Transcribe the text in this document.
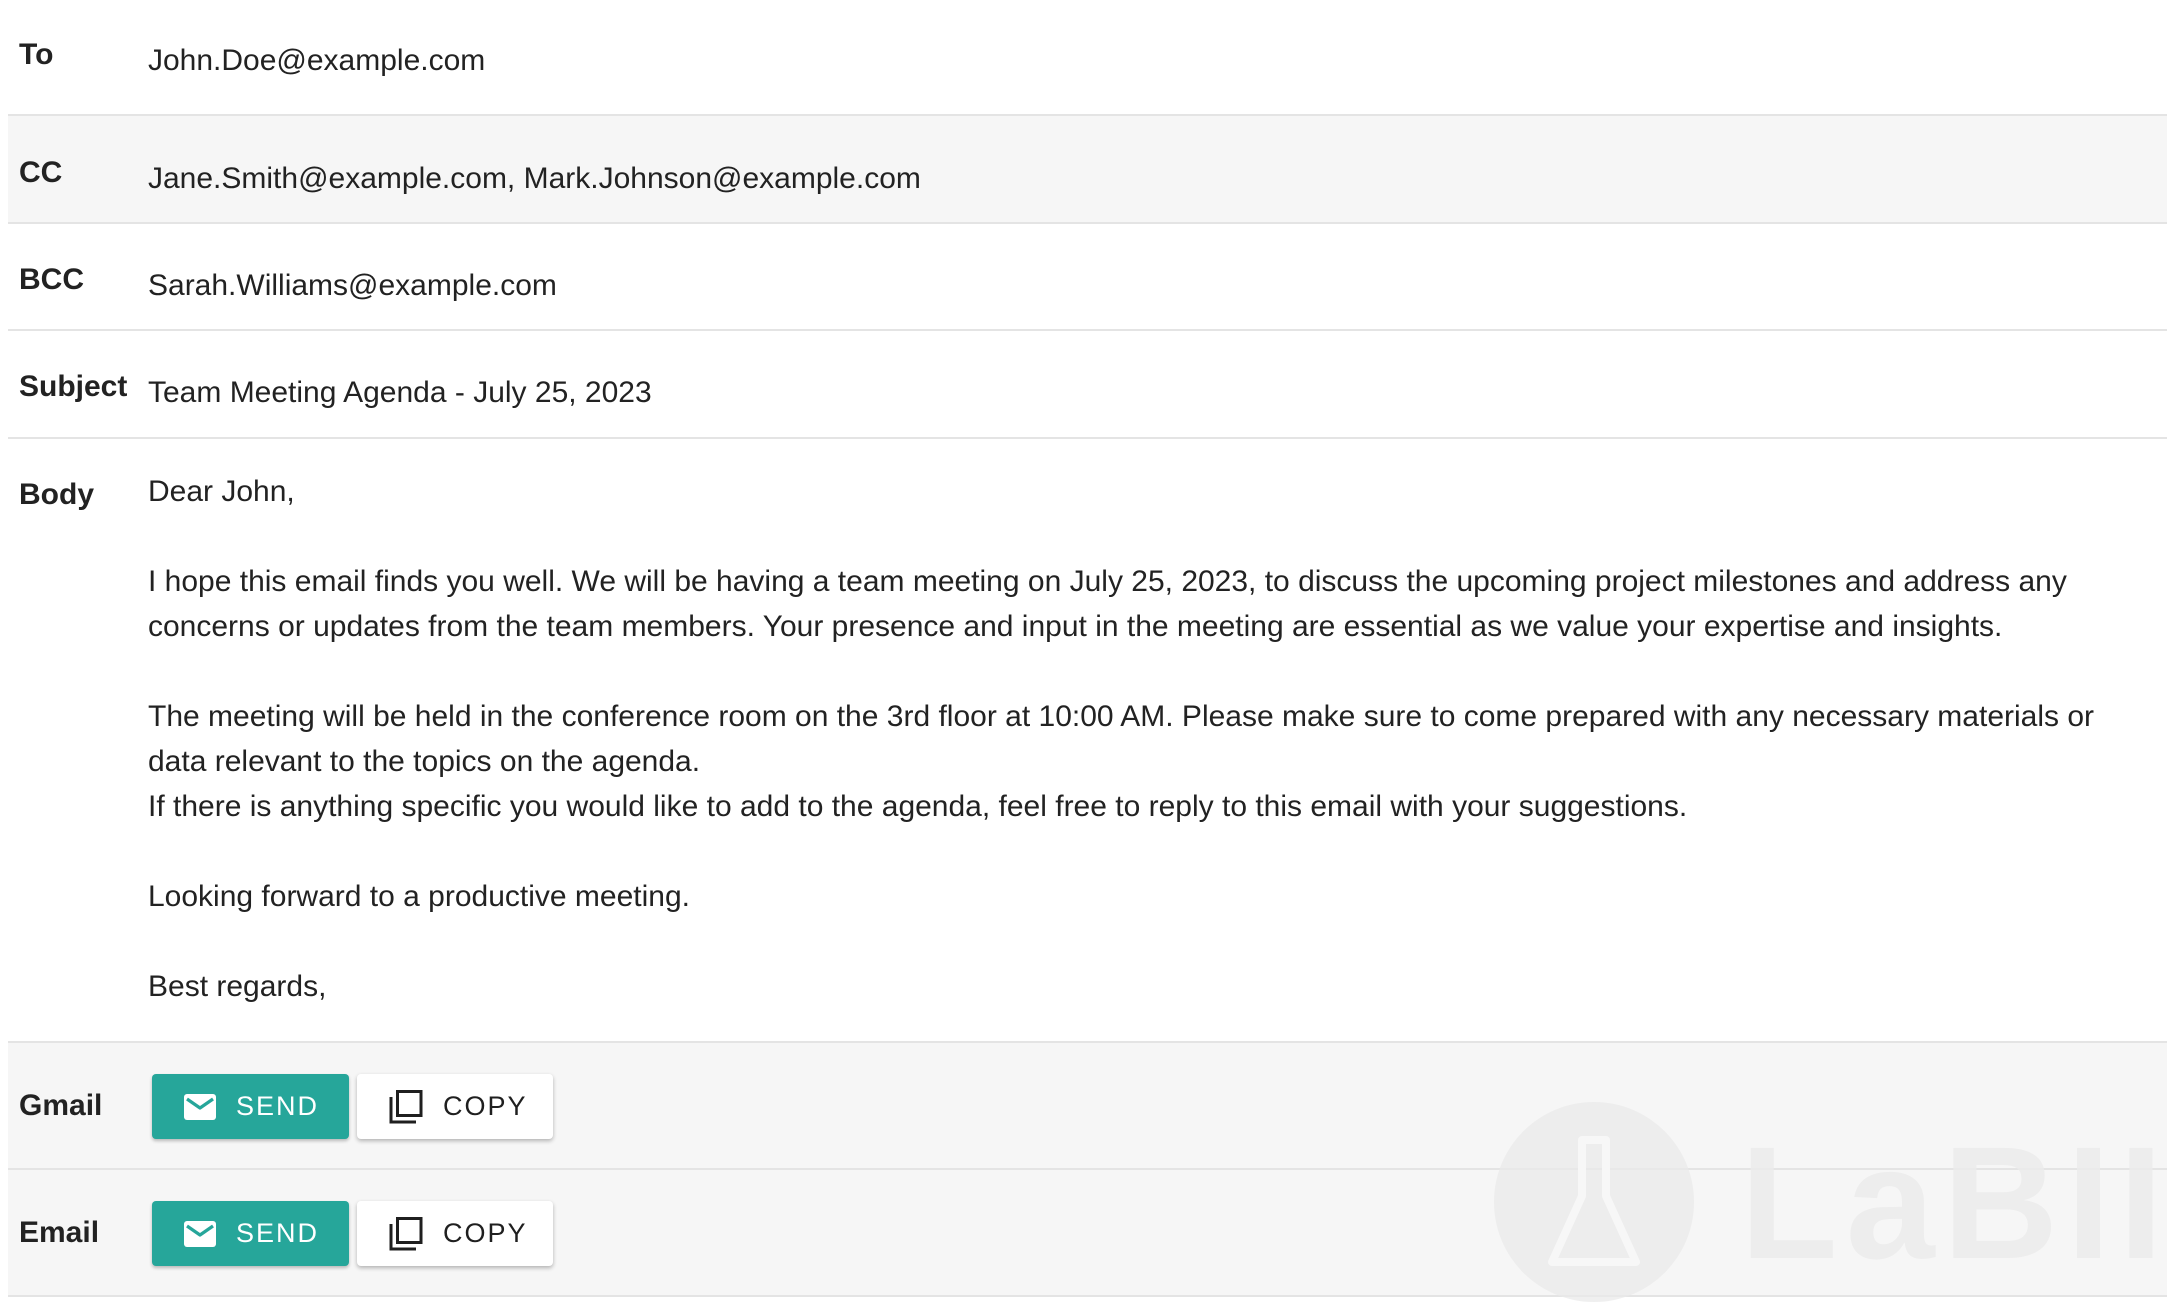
To	John.Doe@example.com
CC	Jane.Smith@example.com, Mark.Johnson@example.com
BCC Sarah.Williams@example.com
Subject Team Meeting Agenda - July 25, 2023
Body Dear John,

I hope this email finds you well. We will be having a team meeting on July 25, 2023, to discuss the upcoming project milestones and address any concerns or updates from the team members. Your presence and input in the meeting are essential as we value your expertise and insights.

The meeting will be held in the conference room on the 3rd floor at 10:00 AM. Please make sure to come prepared with any necessary materials or data relevant to the topics on the agenda.

If there is anything specific you would like to add to the agenda, feel free to reply to this email with your suggestions.

Looking forward to a productive meeting.

Best regards,

Gmail	SEND	COPY
Email	SEND	COPY	LaBII
